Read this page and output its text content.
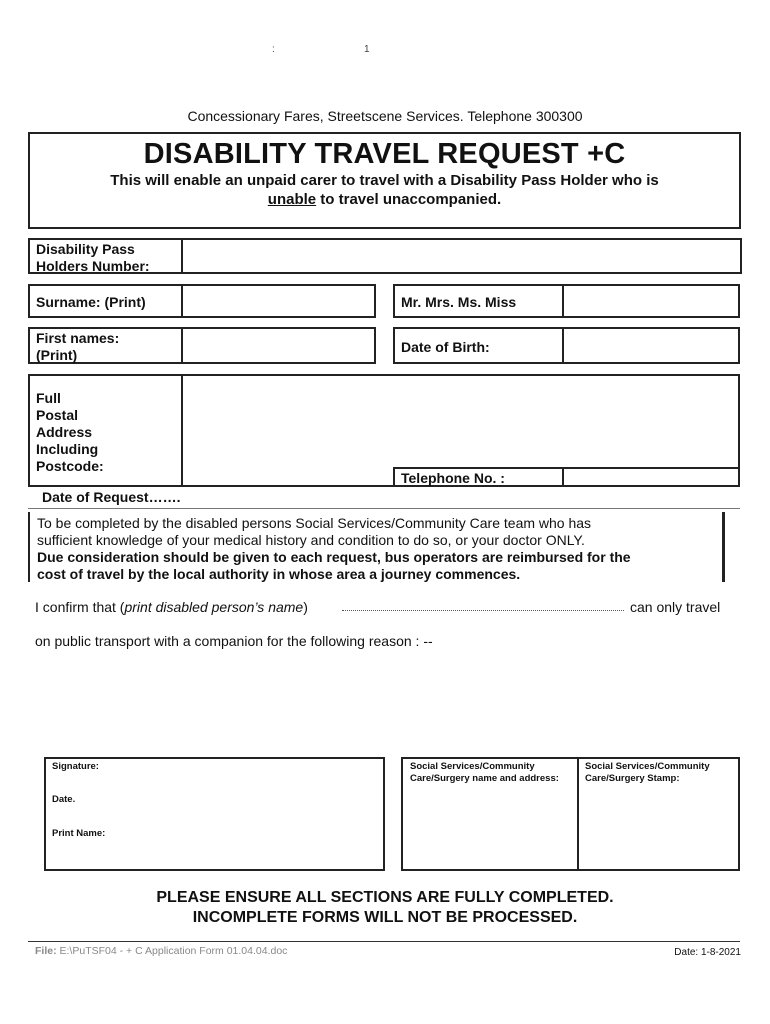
:	1
Concessionary Fares, Streetscene Services. Telephone 300300
DISABILITY TRAVEL REQUEST +C
This will enable an unpaid carer to travel with a Disability Pass Holder who is
unable to travel unaccompanied.
Disability Pass Holders Number:
Surname: (Print)	Mr. Mrs. Ms. Miss
First names:
(Print)	Date of Birth:
Full
Postal
Address
Including
Postcode:
Telephone No. :
Date of Request…….
To be completed by the disabled persons Social Services/Community Care team who has
sufficient knowledge of your medical history and condition to do so, or your doctor ONLY.
Due consideration should be given to each request, bus operators are reimbursed for the
cost of travel by the local authority in whose area a journey commences.
I confirm that (print disabled person’s name)	can only travel
on public transport with a companion for the following reason : --
Signature:
Date.
Print Name:
Social Services/Community Care/Surgery name and address:
Social Services/Community Care/Surgery Stamp:
PLEASE ENSURE ALL SECTIONS ARE FULLY COMPLETED.
INCOMPLETE FORMS WILL NOT BE PROCESSED.
File: E:\PuTSF04 - + C Application Form 01.04.04.doc	Date: 1-8-2021
